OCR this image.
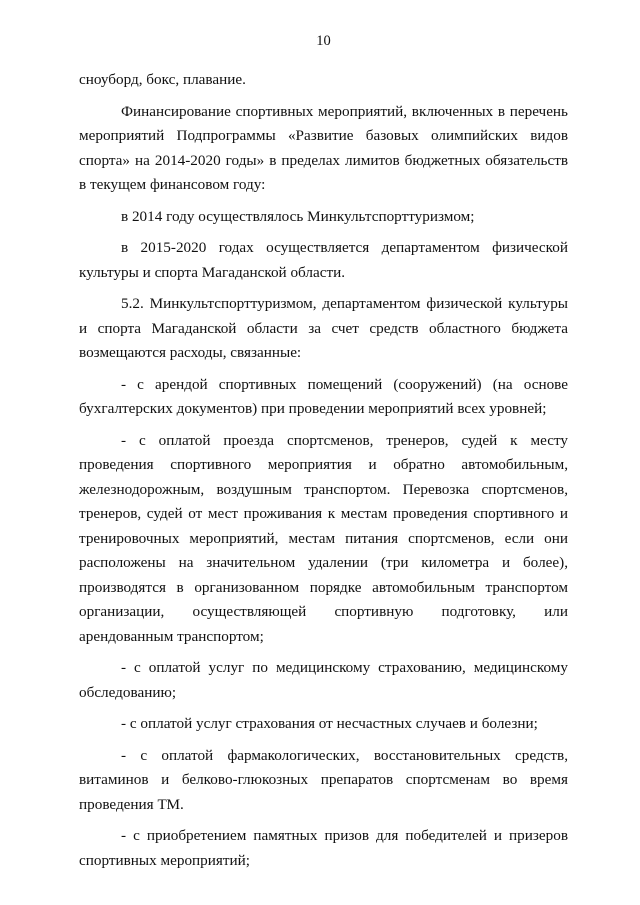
10

сноуборд, бокс, плавание.

Финансирование спортивных мероприятий, включенных в перечень мероприятий Подпрограммы «Развитие базовых олимпийских видов спорта» на 2014-2020 годы» в пределах лимитов бюджетных обязательств в текущем финансовом году:

в 2014 году осуществлялось Минкультспорттуризмом;

в 2015-2020 годах осуществляется департаментом физической культуры и спорта Магаданской области.

5.2. Минкультспорттуризмом, департаментом физической культуры и спорта Магаданской области за счет средств областного бюджета возмещаются расходы, связанные:

- с арендой спортивных помещений (сооружений) (на основе бухгалтерских документов) при проведении мероприятий всех уровней;

- с оплатой проезда спортсменов, тренеров, судей к месту проведения спортивного мероприятия и обратно автомобильным, железнодорожным, воздушным транспортом. Перевозка спортсменов, тренеров, судей от мест проживания к местам проведения спортивного и тренировочных мероприятий, местам питания спортсменов, если они расположены на значительном удалении (три километра и более), производятся в организованном порядке автомобильным транспортом организации, осуществляющей спортивную подготовку, или арендованным транспортом;

- с оплатой услуг по медицинскому страхованию, медицинскому обследованию;

- с оплатой услуг страхования от несчастных случаев и болезни;

- с оплатой фармакологических, восстановительных средств, витаминов и белково-глюкозных препаратов спортсменам во время проведения ТМ.

- с приобретением памятных призов для победителей и призеров спортивных мероприятий;
